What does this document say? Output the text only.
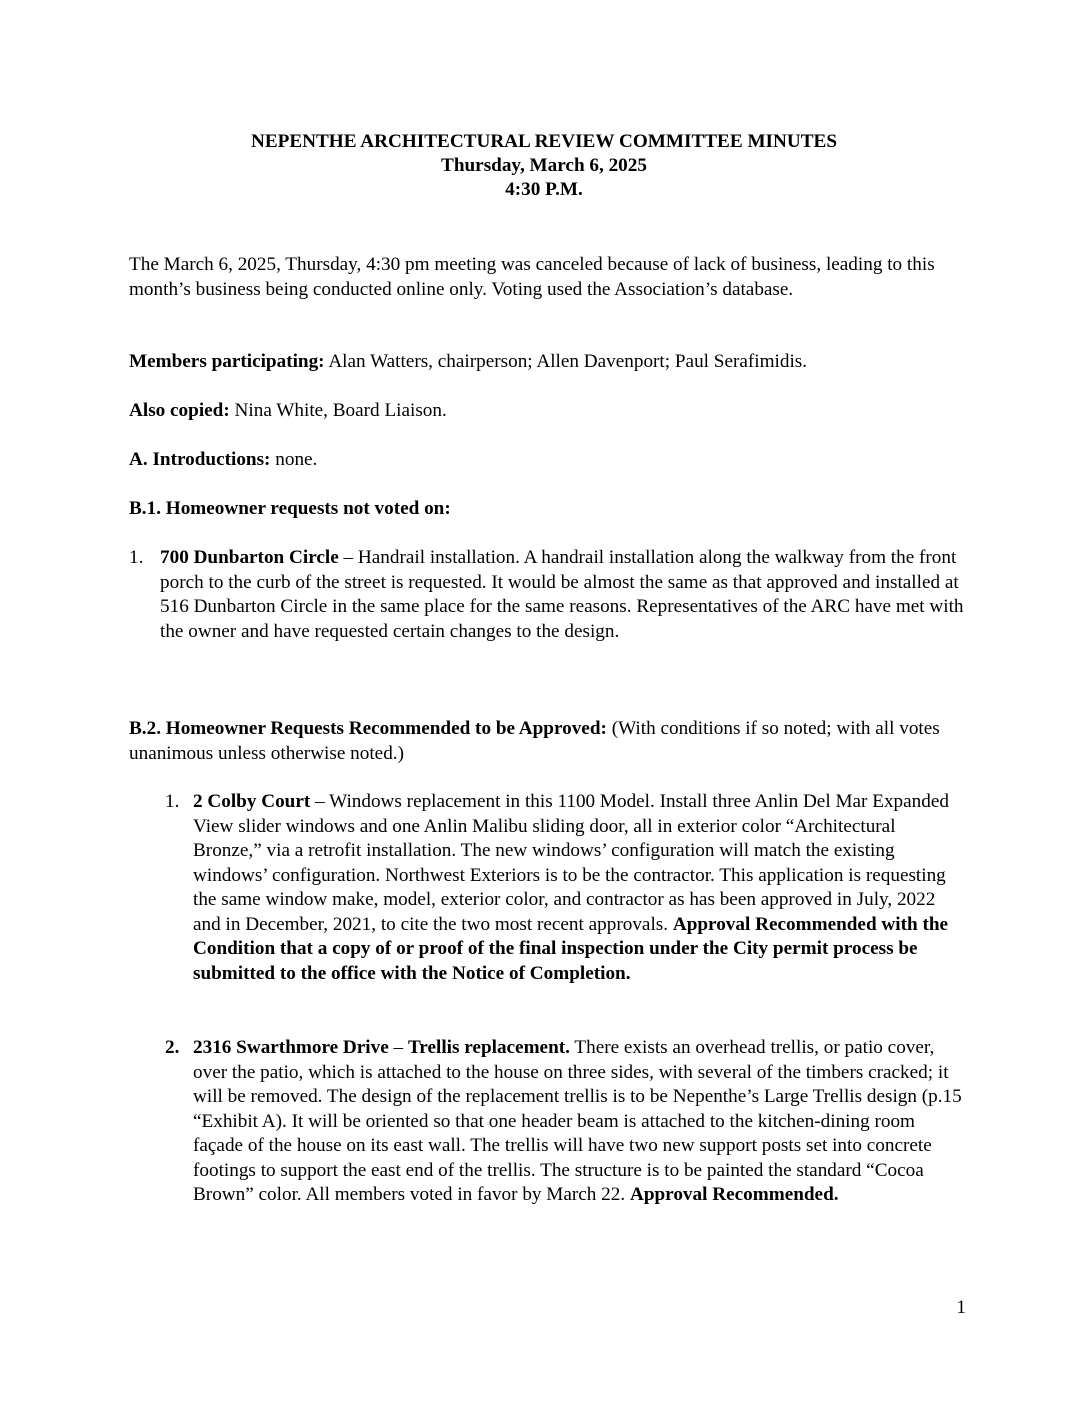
NEPENTHE ARCHITECTURAL REVIEW COMMITTEE MINUTES
Thursday, March 6, 2025
4:30 P.M.

The March 6, 2025, Thursday, 4:30 pm meeting was canceled because of lack of business, leading to this month’s business being conducted online only. Voting used the Association’s database.

Members participating: Alan Watters, chairperson; Allen Davenport; Paul Serafimidis.

Also copied: Nina White, Board Liaison.

A. Introductions: none.

B.1. Homeowner requests not voted on:

1. 700 Dunbarton Circle – Handrail installation. A handrail installation along the walkway from the front porch to the curb of the street is requested. It would be almost the same as that approved and installed at 516 Dunbarton Circle in the same place for the same reasons. Representatives of the ARC have met with the owner and have requested certain changes to the design.

B.2. Homeowner Requests Recommended to be Approved: (With conditions if so noted; with all votes unanimous unless otherwise noted.)

1. 2 Colby Court – Windows replacement in this 1100 Model. Install three Anlin Del Mar Expanded View slider windows and one Anlin Malibu sliding door, all in exterior color “Architectural Bronze,” via a retrofit installation. The new windows’ configuration will match the existing windows’ configuration. Northwest Exteriors is to be the contractor. This application is requesting the same window make, model, exterior color, and contractor as has been approved in July, 2022 and in December, 2021, to cite the two most recent approvals. Approval Recommended with the Condition that a copy of or proof of the final inspection under the City permit process be submitted to the office with the Notice of Completion.
2. 2316 Swarthmore Drive – Trellis replacement. There exists an overhead trellis, or patio cover, over the patio, which is attached to the house on three sides, with several of the timbers cracked; it will be removed. The design of the replacement trellis is to be Nepenthe’s Large Trellis design (p.15 “Exhibit A). It will be oriented so that one header beam is attached to the kitchen-dining room façade of the house on its east wall. The trellis will have two new support posts set into concrete footings to support the east end of the trellis. The structure is to be painted the standard “Cocoa Brown” color. All members voted in favor by March 22. Approval Recommended.
1
